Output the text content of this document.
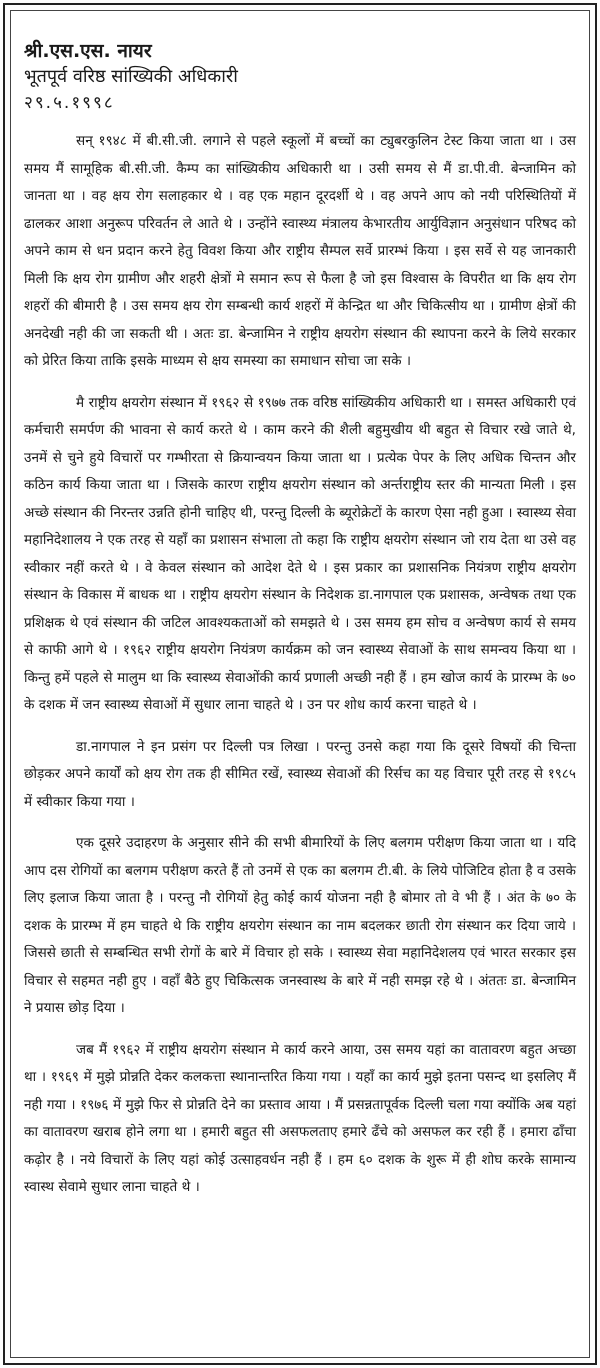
श्री.एस.एस. नायर

भूतपूर्व वरिष्ठ सांख्यिकी अधिकारी

२९.५.१९९८

सन् १९४८ में बी.सी.जी. लगाने से पहले स्कूलों में बच्चों का ट्युबरकुलिन टेस्ट किया जाता था । उस समय मैं सामूहिक बी.सी.जी. कैम्प का सांख्यिकीय अधिकारी था । उसी समय से मैं डा.पी.वी. बेन्जामिन को जानता था । वह क्षय रोग सलाहकार थे । वह एक महान दूरदर्शी थे । वह अपने आप को नयी परिस्थितियों में ढालकर आशा अनुरूप परिवर्तन ले आते थे । उन्होंने स्वास्थ्य मंत्रालय केभारतीय आर्युविज्ञान अनुसंधान परिषद को अपने काम से धन प्रदान करने हेतु विवश किया और राष्ट्रीय सैम्पल सर्वे प्रारम्भं किया । इस सर्वे से यह जानकारी मिली कि क्षय रोग ग्रामीण और शहरी क्षेत्रों मे समान रूप से फैला है जो इस विश्वास के विपरीत था कि क्षय रोग शहरों की बीमारी है । उस समय क्षय रोग सम्बन्धी कार्य शहरों में केन्द्रित था और चिकित्सीय था । ग्रामीण क्षेत्रों की अनदेखी नही की जा सकती थी । अतः डा. बेन्जामिन ने राष्ट्रीय क्षयरोग संस्थान की स्थापना करने के लिये सरकार को प्रेरित किया ताकि इसके माध्यम से क्षय समस्या का समाधान सोचा जा सके ।

मै राष्ट्रीय क्षयरोग संस्थान में १९६२ से १९७७ तक वरिष्ठ सांख्यिकीय अधिकारी था । समस्त अधिकारी एवं कर्मचारी समर्पण की भावना से कार्य करते थे । काम करने की शैली बहुमुखीय थी बहुत से विचार रखे जाते थे, उनमें से चुने हुये विचारों पर गम्भीरता से क्रियान्वयन किया जाता था । प्रत्येक पेपर के लिए अधिक चिन्तन और कठिन कार्य किया जाता था । जिसके कारण राष्ट्रीय क्षयरोग संस्थान को अर्न्तराष्ट्रीय स्तर की मान्यता मिली । इस अच्छे संस्थान की निरन्तर उन्नति होनी चाहिए थी, परन्तु दिल्ली के ब्यूरोक्रेटों के कारण ऐसा नही हुआ । स्वास्थ्य सेवा महानिदेशालय ने एक तरह से यहाँ का प्रशासन संभाला तो कहा कि राष्ट्रीय क्षयरोग संस्थान जो राय देता था उसे वह स्वीकार नहीं करते थे । वे केवल संस्थान को आदेश देते थे । इस प्रकार का प्रशासनिक नियंत्रण राष्ट्रीय क्षयरोग संस्थान के विकास में बाधक था । राष्ट्रीय क्षयरोग संस्थान के निदेशक डा.नागपाल एक प्रशासक, अन्वेषक तथा एक प्रशिक्षक थे एवं संस्थान की जटिल आवश्यकताओं को समझते थे । उस समय हम सोच व अन्वेषण कार्य से समय से काफी आगे थे । १९६२ राष्ट्रीय क्षयरोग नियंत्रण कार्यक्रम को जन स्वास्थ्य सेवाओं के साथ समन्वय किया था । किन्तु हमें पहले से मालुम था कि स्वास्थ्य सेवाओंकी कार्य प्रणाली अच्छी नही हैं । हम खोज कार्य के प्रारम्भ के ७० के दशक में जन स्वास्थ्य सेवाओं में सुधार लाना चाहते थे । उन पर शोध कार्य करना चाहते थे ।

डा.नागपाल ने इन प्रसंग पर दिल्ली पत्र लिखा । परन्तु उनसे कहा गया कि दूसरे विषयों की चिन्ता छोड़कर अपने कार्यों को क्षय रोग तक ही सीमित रखें, स्वास्थ्य सेवाओं की रिर्सच का यह विचार पूरी तरह से १९८५ में स्वीकार किया गया ।

एक दूसरे उदाहरण के अनुसार सीने की सभी बीमारियों के लिए बलगम परीक्षण किया जाता था । यदि आप दस रोगियों का बलगम परीक्षण करते हैं तो उनमें से एक का बलगम टी.बी. के लिये पोजिटिव होता है व उसके लिए इलाज किया जाता है । परन्तु नौ रोगियों हेतु कोई कार्य योजना नही है बोमार तो वे भी हैं । अंत के ७० के दशक के प्रारम्भ में हम चाहते थे कि राष्ट्रीय क्षयरोग संस्थान का नाम बदलकर छाती रोग संस्थान कर दिया जाये । जिससे छाती से सम्बन्धित सभी रोगों के बारे में विचार हो सके । स्वास्थ्य सेवा महानिदेशलय एवं भारत सरकार इस विचार से सहमत नही हुए । वहाँ बैठे हुए चिकित्सक जनस्वास्थ के बारे में नही समझ रहे थे । अंततः डा. बेन्जामिन ने प्रयास छोड़ दिया ।

जब मैं १९६२ में राष्ट्रीय क्षयरोग संस्थान मे कार्य करने आया, उस समय यहां का वातावरण बहुत अच्छा था । १९६९ में मुझे प्रोन्नति देकर कलकत्ता स्थानान्तरित किया गया । यहाँ का कार्य मुझे इतना पसन्द था इसलिए मैं नही गया । १९७६ में मुझे फिर से प्रोन्नति देने का प्रस्ताव आया । मैं प्रसन्नतापूर्वक दिल्ली चला गया क्योंकि अब यहां का वातावरण खराब होने लगा था । हमारी बहुत सी असफलताए हमारे ढँचे को असफल कर रही हैं । हमारा ढाँचा कढ़ोर है । नये विचारों के लिए यहां कोई उत्साहवर्धन नही हैं । हम ६० दशक के शुरू में ही शोघ करके सामान्य स्वास्थ सेवामे सुधार लाना चाहते थे ।
